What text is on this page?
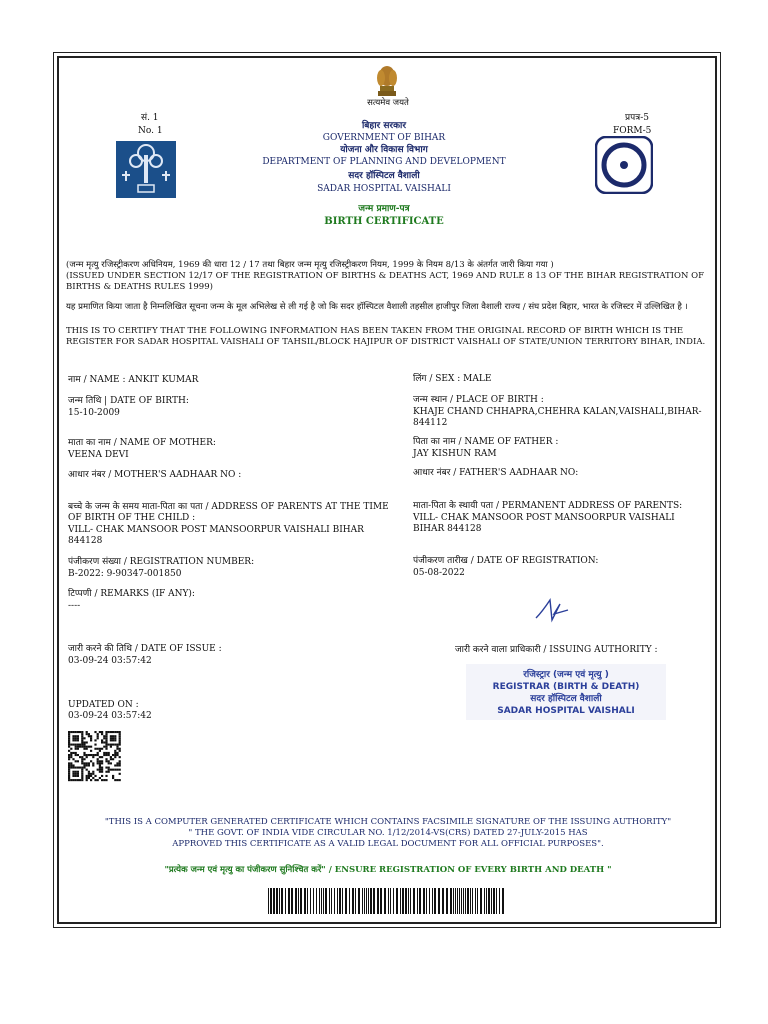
सत्यमेव जयते
सं. 1
No. 1
प्रपत्र-5
FORM-5
बिहार सरकार
GOVERNMENT OF BIHAR
योजना और विकास विभाग
DEPARTMENT OF PLANNING AND DEVELOPMENT
सदर हॉस्पिटल वैशाली
SADAR HOSPITAL VAISHALI
जन्म प्रमाण-पत्र
BIRTH CERTIFICATE
(जन्म मृत्यु रजिस्ट्रीकरण अधिनियम, 1969 की धारा 12 / 17 तथा बिहार जन्म मृत्यु रजिस्ट्रीकरण नियम, 1999 के नियम 8/13 के अंतर्गत जारी किया गया )
(ISSUED UNDER SECTION 12/17 OF THE REGISTRATION OF BIRTHS & DEATHS ACT, 1969 AND RULE 8 13 OF THE BIHAR REGISTRATION OF BIRTHS & DEATHS RULES 1999)
यह प्रमाणित किया जाता है निम्नलिखित सूचना जन्म के मूल अभिलेख से ली गई है जो कि सदर हॉस्पिटल वैशाली तहसील हाजीपुर जिला वैशाली राज्य / संघ प्रदेश बिहार, भारत के रजिस्टर में उल्लिखित है ।
THIS IS TO CERTIFY THAT THE FOLLOWING INFORMATION HAS BEEN TAKEN FROM THE ORIGINAL RECORD OF BIRTH WHICH IS THE REGISTER FOR SADAR HOSPITAL VAISHALI OF TAHSIL/BLOCK HAJIPUR OF DISTRICT VAISHALI OF STATE/UNION TERRITORY BIHAR, INDIA.
नाम / NAME : ANKIT KUMAR	लिंग / SEX : MALE
जन्म तिथि | DATE OF BIRTH:
15-10-2009
जन्म स्थान / PLACE OF BIRTH :
KHAJE CHAND CHHAPRA,CHEHRA KALAN,VAISHALI,BIHAR-844112
माता का नाम / NAME OF MOTHER:
VEENA DEVI
पिता का नाम / NAME OF FATHER :
JAY KISHUN RAM
आधार नंबर / MOTHER'S AADHAAR NO :	आधार नंबर / FATHER'S AADHAAR NO:
बच्चे के जन्म के समय माता-पिता का पता / ADDRESS OF PARENTS AT THE TIME OF BIRTH OF THE CHILD :
VILL- CHAK MANSOOR POST MANSOORPUR VAISHALI BIHAR 844128
माता-पिता के स्थायी पता / PERMANENT ADDRESS OF PARENTS:
VILL- CHAK MANSOOR POST MANSOORPUR VAISHALI BIHAR 844128
पंजीकरण संख्या / REGISTRATION NUMBER:
B-2022: 9-90347-001850
पंजीकरण तारीख / DATE OF REGISTRATION:
05-08-2022
टिप्पणी / REMARKS (IF ANY):
----
जारी करने की तिथि / DATE OF ISSUE :
03-09-24 03:57:42
जारी करने वाला प्राधिकारी / ISSUING AUTHORITY :
रजिस्ट्रार (जन्म एवं मृत्यु )
REGISTRAR (BIRTH & DEATH)
सदर हॉस्पिटल वैशाली
SADAR HOSPITAL VAISHALI
UPDATED ON :
03-09-24 03:57:42
"THIS IS A COMPUTER GENERATED CERTIFICATE WHICH CONTAINS FACSIMILE SIGNATURE OF THE ISSUING AUTHORITY"
" THE GOVT. OF INDIA VIDE CIRCULAR NO. 1/12/2014-VS(CRS) DATED 27-JULY-2015 HAS
APPROVED THIS CERTIFICATE AS A VALID LEGAL DOCUMENT FOR ALL OFFICIAL PURPOSES".
"प्रत्येक जन्म एवं मृत्यु का पंजीकरण सुनिश्चित करें" / ENSURE REGISTRATION OF EVERY BIRTH AND DEATH "
